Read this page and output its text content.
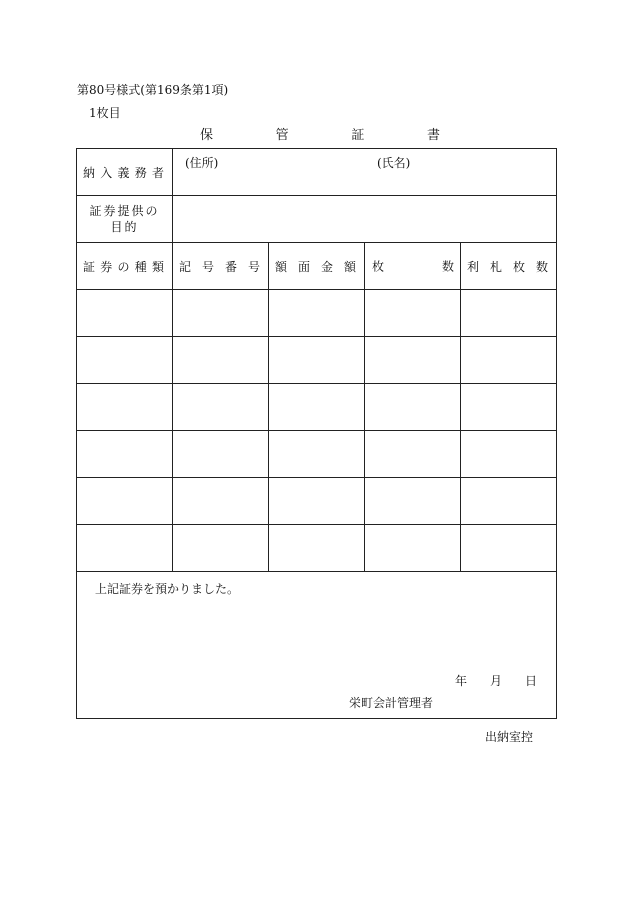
第80号様式(第169条第1項)
1枚目
保	管	証	書
納入義務者	(住所) (氏名)			

証券提供の目的				
証券の種類	記号番号	額面金額	枚 数	利札枚数

上記証券を預かりました。
年 月 日
栄町会計管理者				
出納室控
